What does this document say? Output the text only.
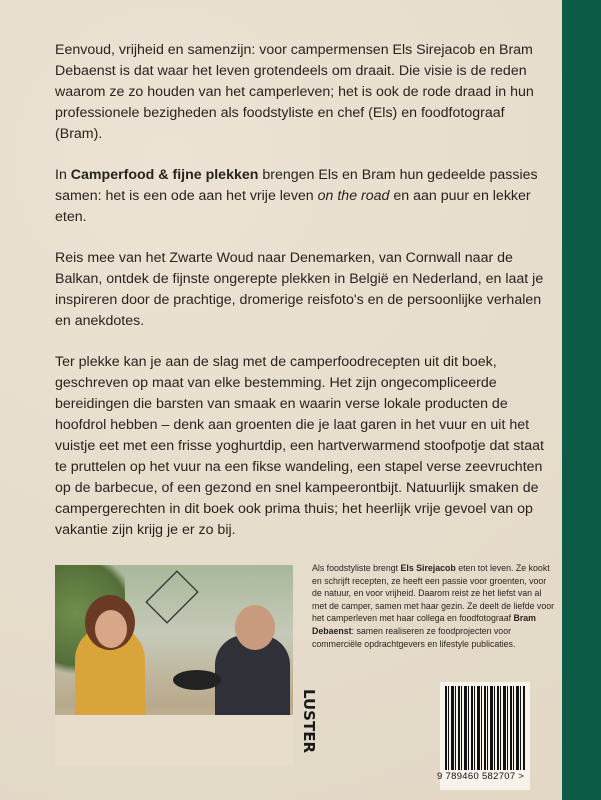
Eenvoud, vrijheid en samenzijn: voor campermensen Els Sirejacob en Bram Debaenst is dat waar het leven grotendeels om draait. Die visie is de reden waarom ze zo houden van het camperleven; het is ook de rode draad in hun professionele bezigheden als foodstyliste en chef (Els) en foodfotograaf (Bram).

In Camperfood & fijne plekken brengen Els en Bram hun gedeelde passies samen: het is een ode aan het vrije leven on the road en aan puur en lekker eten.

Reis mee van het Zwarte Woud naar Denemarken, van Cornwall naar de Balkan, ontdek de fijnste ongerepte plekken in België en Nederland, en laat je inspireren door de prachtige, dromerige reisfoto's en de persoonlijke verhalen en anekdotes.

Ter plekke kan je aan de slag met de camperfoodrecepten uit dit boek, geschreven op maat van elke bestemming. Het zijn ongecompliceerde bereidingen die barsten van smaak en waarin verse lokale producten de hoofdrol hebben – denk aan groenten die je laat garen in het vuur en uit het vuistje eet met een frisse yoghurtdip, een hartverwarmend stoofpotje dat staat te pruttelen op het vuur na een fikse wandeling, een stapel verse zeevruchten op de barbecue, of een gezond en snel kampeerontbijt. Natuurlijk smaken de campergerechten in dit boek ook prima thuis; het heerlijk vrije gevoel van op vakantie zijn krijg je er zo bij.

Als foodstyliste brengt Els Sirejacob eten tot leven. Ze kookt en schrijft recepten, ze heeft een passie voor groenten, voor de natuur, en voor vrijheid. Daarom reist ze het liefst van al met de camper, samen met haar gezin. Ze deelt de liefde voor het camperleven met haar collega en foodfotograaf Bram Debaenst: samen realiseren ze foodprojecten voor commerciële opdrachtgevers en lifestyle publicaties.
LUSTER
9 789460 582707 >
